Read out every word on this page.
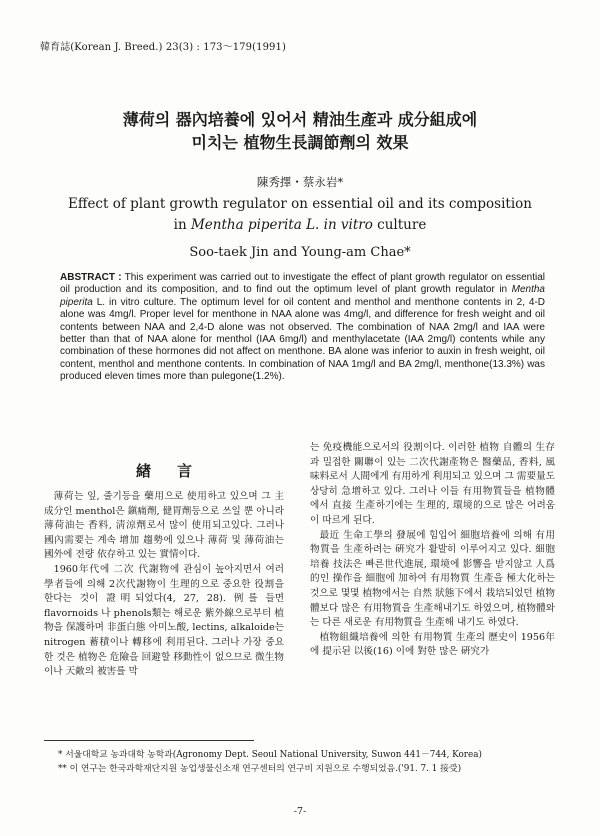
韓育誌(Korean J. Breed.) 23(3) : 173～179(1991)
薄荷의 器內培養에 있어서 精油生產과 成分組成에
미치는 植物生長調節劑의 效果
陳秀擇・蔡永岩*
Effect of plant growth regulator on essential oil and its composition
in Mentha piperita L. in vitro culture
Soo-taek Jin and Young-am Chae*
ABSTRACT : This experiment was carried out to investigate the effect of plant growth regulator on essential oil production and its composition, and to find out the optimum level of plant growth regulator in Mentha piperita L. in vitro culture. The optimum level for oil content and menthol and menthone contents in 2, 4-D alone was 4mg/l. Proper level for menthone in NAA alone was 4mg/l, and difference for fresh weight and oil contents between NAA and 2,4-D alone was not observed. The combination of NAA 2mg/l and IAA were better than that of NAA alone for menthol (IAA 6mg/l) and menthylacetate (IAA 2mg/l) contents while any combination of these hormones did not affect on menthone. BA alone was inferior to auxin in fresh weight, oil content, menthol and menthone contents. In combination of NAA 1mg/l and BA 2mg/l, menthone(13.3%) was produced eleven times more than pulegone(1.2%).
緖言

薄荷는 잎, 줄기등을 藥用으로 使用하고 있으며 그 主成分인 menthol은 鎭痛劑, 健胃劑등으로 쓰일 뿐 아니라 薄荷油는 香料, 淸涼劑로서 많이 使用되고있다. 그러나 國內需要는 계속 增加 趨勢에 있으나 薄荷 및 薄荷油는 國外에 전량 依存하고 있는 實情이다.

1960年代에 二次 代謝物에 관심이 높아지면서 여러 學者들에 의해 2次代謝物이 生理的으로 중요한 役割을 한다는 것이 證明되었다(4, 27, 28). 例를 들면 flavornoids 나 phenols類는 해로운 紫外線으로부터 植物을 保護하며 非蛋白態 아미노酸, lectins, alkaloide는 nitrogen 蓄積이나 轉移에 利用된다. 그러나 가장 중요한 것은 植物은 危險을 回避할 移動性이 없으므로 微生物이나 天敵의 被害를 막

는 免疫機能으로서의 役割이다. 이러한 植物 自體의 生存과 밀접한 關聯이 있는 二次代謝產物은 醫藥品, 香料, 風味料로서 人間에게 有用하게 利用되고 있으며 그 需要量도 상당히 急增하고 있다. 그러나 이들 有用物質들을 植物體에서 直接 生產하기에는 生理的, 環境的으로 많은 어려움이 따르게 된다.

最近 生命工學의 發展에 힘입어 細胞培養에 의해 有用物質을 生產하려는 硏究가 활발히 이루어지고 있다. 細胞培養 技法은 빠른世代進展, 環境에 影響을 받지않고 人爲的인 操作을 細胞에 加하여 有用物質 生產을 極大化하는 것으로 몇몇 植物에서는 自然 狀態下에서 栽培되었던 植物體보다 많은 有用物質을 生產해내기도 하였으며, 植物體와는 다른 새로운 有用物質을 生產해 내기도 하였다.

植物組織培養에 의한 有用物質 生產의 歷史이 1956年에 提示된 以後(16) 이에 對한 많은 硏究가

* 서울대학교 농과대학 농학과(Agronomy Dept. Seoul National University, Suwon 441－744, Korea)
** 이 연구는 한국과학재단지원 농업생물신소재 연구센터의 연구비 지원으로 수행되었음.('91. 7. 1 接受)
-7-
